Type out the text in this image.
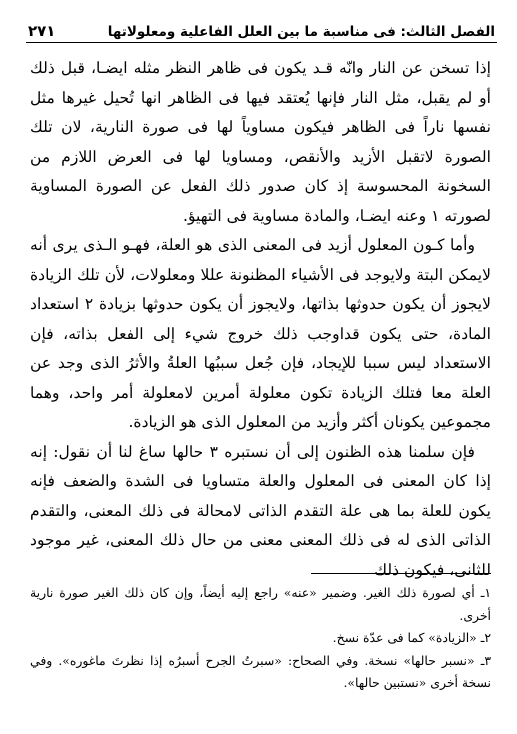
الفصل الثالث: فى مناسبة ما بين العلل الفاعلية ومعلولاتها
٢٧١

إذا تسخن عن النار وانّه قـد يكون فى ظاهر النظر مثله ايضـا، قبل ذلك أو لم يقبل، مثل النار فإنها يُعتقد فيها فى الظاهر انها تُحيل غيرها مثل نفسها ناراً فى الظاهر فيكون مساوياً لها فى صورة النارية، لان تلك الصورة لاتقبل الأزيد والأنقص، ومساويا لها فى العرض اللازم من السخونة المحسوسة إذ كان صدور ذلك الفعل عن الصورة المساوية لصورته ١ وعنه ايضـا، والمادة مساوية فى التهيؤ.

وأما كـون المعلول أزيد فى المعنى الذى هو العلة، فهـو الـذى يرى أنه لايمكن البتة ولايوجد فى الأشياء المظنونة عللا ومعلولات، لأن تلك الزيادة لايجوز أن يكون حدوثها بذاتها، ولايجوز أن يكون حدوثها بزيادة ٢ استعداد المادة، حتى يكون قداوجب ذلك خروج شيء إلى الفعل بذاته، فإن الاستعداد ليس سببا للإيجاد، فإن جُعل سببُها العلةُ والأثرُ الذى وجد عن العلة معا فتلك الزيادة تكون معلولة أمرين لامعلولة أمر واحد، وهما مجموعين يكونان أكثر وأزيد من المعلول الذى هو الزيادة.

فإن سلمنا هذه الظنون إلى أن نستبره ٣ حالها ساغ لنا أن نقول: إنه إذا كان المعنى فى المعلول والعلة متساويا فى الشدة والضعف فإنه يكون للعلة بما هى علة التقدم الذاتى لامحالة فى ذلك المعنى، والتقدم الذاتى الذى له فى ذلك المعنى معنى من حال ذلك المعنى، غير موجود للثانى، فيكون ذلك

١ـ أي لصورة ذلك الغير. وضمير «عنه» راجع إليه أيضاً، وإن كان ذلك الغير صورة نارية أخرى.

٢ـ «الزيادة» كما فى عدّة نسخ.

٣ـ «نسبر حالها» نسخة. وفي الصحاح: «سبرتُ الجرح أسبرُه إذا نظرتَ ماغوره». وفي نسخة أخرى «نستبين حالها».
